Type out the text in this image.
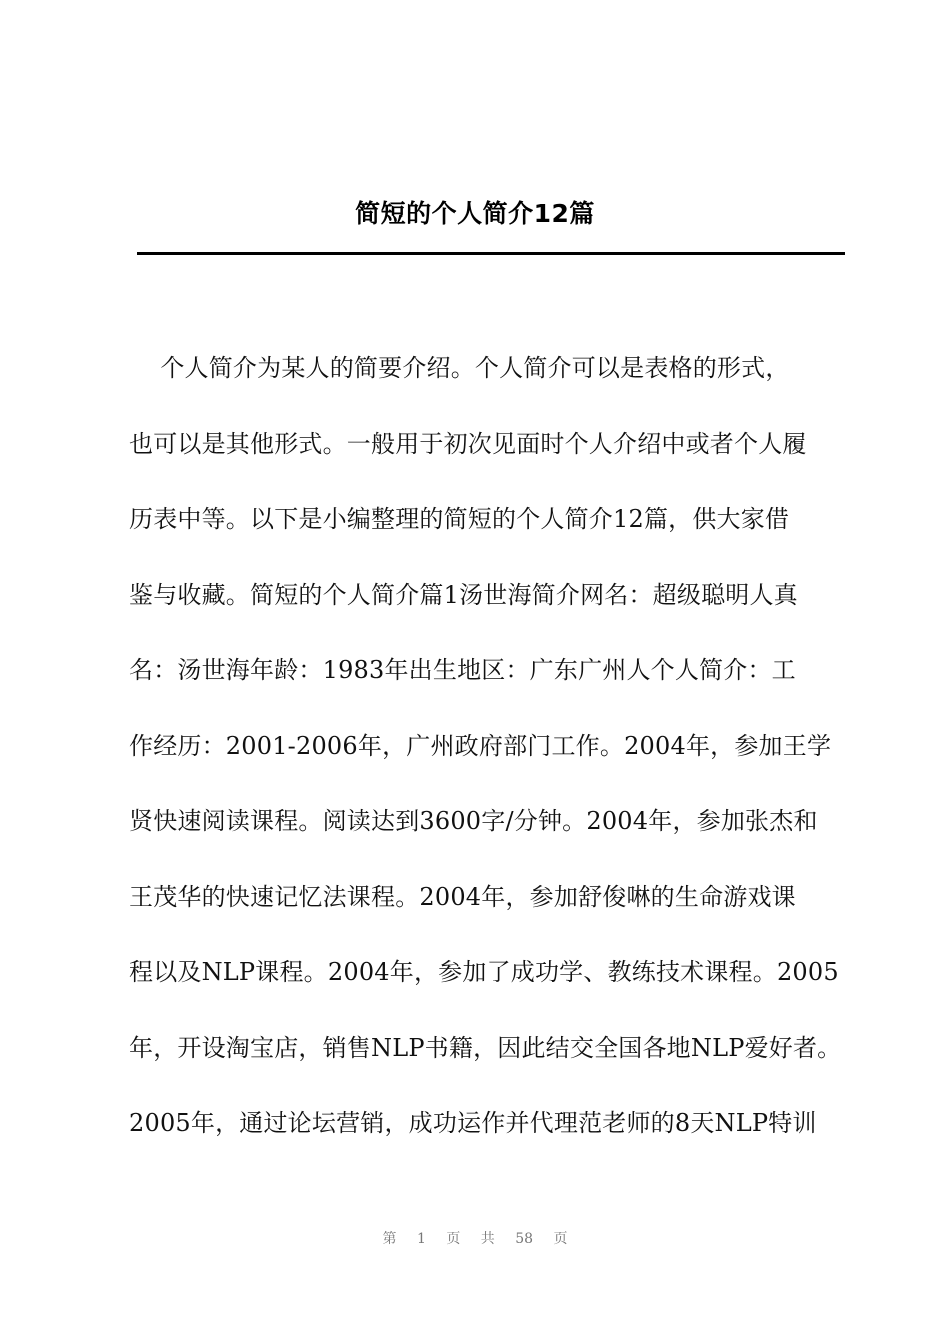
简短的个人简介12篇
个人简介为某人的简要介绍。个人简介可以是表格的形式，
也可以是其他形式。一般用于初次见面时个人介绍中或者个人履
历表中等。以下是小编整理的简短的个人简介12篇，供大家借
鉴与收藏。简短的个人简介篇1汤世海简介网名：超级聪明人真
名：汤世海年龄：1983年出生地区：广东广州人个人简介：工
作经历：2001-2006年，广州政府部门工作。2004年，参加王学
贤快速阅读课程。阅读达到3600字/分钟。2004年，参加张杰和
王茂华的快速记忆法课程。2004年，参加舒俊啉的生命游戏课
程以及NLP课程。2004年，参加了成功学、教练技术课程。2005
年，开设淘宝店，销售NLP书籍，因此结交全国各地NLP爱好者。
2005年，通过论坛营销，成功运作并代理范老师的8天NLP特训
第 1 页 共 58 页
